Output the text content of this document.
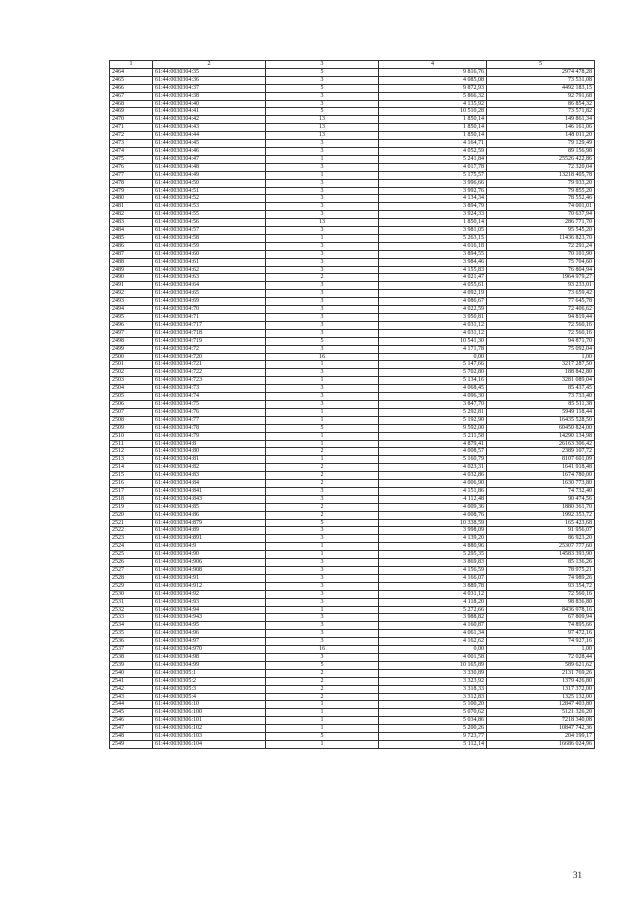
1	2	3	4	5
2464	61:44:0030304:35	5	9 816,76	2974 478,28
2465	61:44:0030304:36	3	4 085,08	73 531,08
2466	61:44:0030304:37	5	9 872,93	4492 183,15
2467	61:44:0030304:38	3	5 866,32	92 791,68
2468	61:44:0030304:40	3	4 135,92	86 854,32
2469	61:44:0030304:41	5	10 510,28	73 571,82
2470	61:44:0030304:42	13	1 850,14	149 861,34
2471	61:44:0030304:43	13	1 850,14	146 161,06
2472	61:44:0030304:44	13	1 850,14	148 011,20
2473	61:44:0030304:45	3	4 164,71	79 129,49
2474	61:44:0030304:46	3	4 052,59	89 156,98
2475	61:44:0030304:47	1	5 241,84	25526 422,86
2476	61:44:0030304:48	3	4 017,78	72 320,04
2477	61:44:0030304:49	1	5 175,57	13218 405,78
2478	61:44:0030304:50	3	3 996,66	79 933,20
2479	61:44:0030304:51	3	3 992,76	79 855,20
2480	61:44:0030304:52	3	4 134,34	78 552,46
2481	61:44:0030304:53	3	3 894,79	74 001,01
2482	61:44:0030304:55	3	3 924,33	70 637,94
2483	61:44:0030304:56	13	1 850,14	286 771,70
2484	61:44:0030304:57	3	3 981,05	95 545,20
2485	61:44:0030304:58	1	5 263,15	11436 823,70
2486	61:44:0030304:59	3	4 016,18	72 291,24
2487	61:44:0030304:60	3	3 894,55	70 101,90
2488	61:44:0030304:61	3	3 984,46	75 704,60
2489	61:44:0030304:62	3	4 155,83	76 804,94
2490	61:44:0030304:63	2	4 021,47	1964 979,27
2491	61:44:0030304:64	3	4 055,61	93 233,01
2492	61:44:0030304:65	3	4 092,19	73 659,42
2493	61:44:0030304:69	3	4 086,67	77 645,78
2494	61:44:0030304:70	3	4 022,59	72 406,62
2495	61:44:0030304:71	3	3 950,81	94 819,44
2496	61:44:0030304:717	3	4 031,12	72 560,16
2497	61:44:0030304:718	3	4 031,12	72 560,16
2498	61:44:0030304:719	5	10 541,30	94 871,70
2499	61:44:0030304:72	3	4 171,78	75 092,04
2500	61:44:0030304:720	16	0,00	1,00
2501	61:44:0030304:721	1	5 147,66	3217 287,50
2502	61:44:0030304:722	3	5 702,80	188 842,80
2503	61:44:0030304:723	1	5 134,16	3281 089,04
2504	61:44:0030304:73	3	4 068,45	85 437,45
2505	61:44:0030304:74	3	4 096,30	73 733,40
2506	61:44:0030304:75	3	3 847,70	85 511,38
2507	61:44:0030304:76	1	5 292,81	5949 118,44
2508	61:44:0030304:77	1	5 192,90	16435 528,50
2509	61:44:0030304:78	5	9 592,00	60450 824,00
2510	61:44:0030304:79	1	5 211,58	14290 134,98
2511	61:44:0030304:8	1	4 879,41	26163 306,42
2512	61:44:0030304:80	2	4 008,57	2389 107,72
2513	61:44:0030304:81	1	5 160,79	8107 601,09
2514	61:44:0030304:82	2	4 023,31	1641 918,48
2515	61:44:0030304:83	2	4 032,86	1674 780,00
2516	61:44:0030304:84	2	4 006,90	1630 773,80
2517	61:44:0030304:841	3	4 151,86	74 732,40
2518	61:44:0030304:843	3	4 112,48	90 474,56
2519	61:44:0030304:85	2	4 009,36	1880 361,70
2520	61:44:0030304:86	2	4 008,76	1992 353,72
2521	61:44:0030304:879	5	10 338,59	165 423,68
2522	61:44:0030304:89	3	3 998,09	91 956,07
2523	61:44:0030304:891	3	4 139,20	86 923,20
2524	61:44:0030304:9	1	4 880,96	25307 777,60
2525	61:44:0030304:90	1	5 295,35	14583 393,90
2526	61:44:0030304:906	3	3 869,83	85 136,26
2527	61:44:0030304:908	3	4 156,59	78 975,21
2528	61:44:0030304:91	3	4 166,07	74 989,26
2529	61:44:0030304:912	3	3 889,78	93 354,72
2530	61:44:0030304:92	3	4 031,12	72 560,16
2531	61:44:0030304:93	3	4 118,20	98 836,80
2532	61:44:0030304:94	1	5 272,66	8436 978,16
2533	61:44:0030304:943	3	3 988,82	67 809,94
2534	61:44:0030304:95	3	4 160,87	74 895,66
2535	61:44:0030304:96	3	4 061,34	97 472,16
2536	61:44:0030304:97	3	4 162,62	74 927,16
2537	61:44:0030304:970	16	0,00	1,00
2538	61:44:0030304:98	3	4 001,58	72 028,44
2539	61:44:0030304:99	5	10 165,89	589 621,62
2540	61:44:0030305:1	2	3 330,89	2131 769,26
2541	61:44:0030305:2	2	3 323,92	1379 426,80
2542	61:44:0030305:3	2	3 318,33	1317 372,00
2543	61:44:0030305:4	2	3 312,83	1325 132,00
2544	61:44:0030306:10	1	5 100,20	12847 403,80
2545	61:44:0030306:100	1	5 070,62	5121 326,20
2546	61:44:0030306:101	1	5 034,86	7218 340,08
2547	61:44:0030306:102	1	5 200,26	10847 742,36
2548	61:44:0030306:103	5	9 723,77	204 199,17
2549	61:44:0030306:104	1	5 112,14	16686 024,96
31
